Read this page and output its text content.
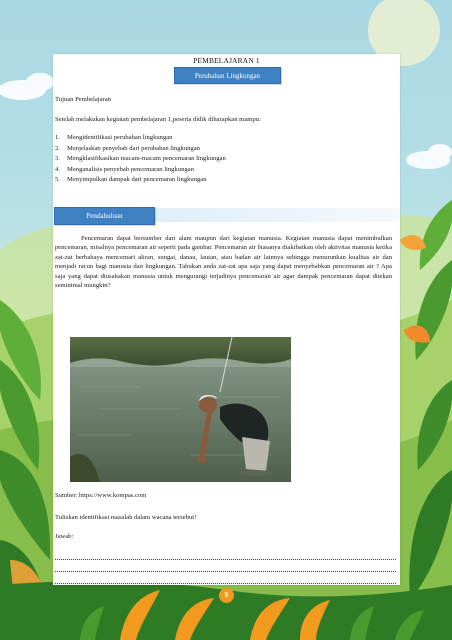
PEMBELAJARAN 1
Perubahan Lingkungan
Tujuan Pembelajaran
Setelah melakukan kegiatan pembelajaran 1,peserta didik diharapkan mampu:
1. Mengidentifikasi perubahan lingkungan
2. Menjelaskan penyebab dari perubahan lingkungan
3. Mengklasifikasikan macam-macam pencemaran lingkungan
4. Menganalisis penyebab pencemaran lingkungan
5. Menyimpulkan dampak dari pencemaran lingkungan
Pendahuluan

Pencemaran dapat bersumber dari alam maupun dari kegiatan manusia. Kegiatan manusia dapat menimbulkan pencemaran, misalnya pencemaran air seperti pada gambar. Pencemaran air biasanya diakibatkan oleh aktivitas manusia ketika zat-zat berbahaya mencemari aliran, sungai, danau, lautan, atau badan air lainnya sehingga menurunkan kualitas air dan menjadi racun bagi manusia dan lingkungan. Tahukan anda zat-zat apa saja yang dapat menyebabkan pencemaran air ? Apa saja yang dapat diusahakan manusia untuk mengurangi terjadinya pencemaran air agar dampak pencemaran dapat ditekan seminimal mungkin?

Sumber: https://www.kompas.com
Tuliskan identifikasi masalah dalam wacana tersebut!
Jawab:
5
